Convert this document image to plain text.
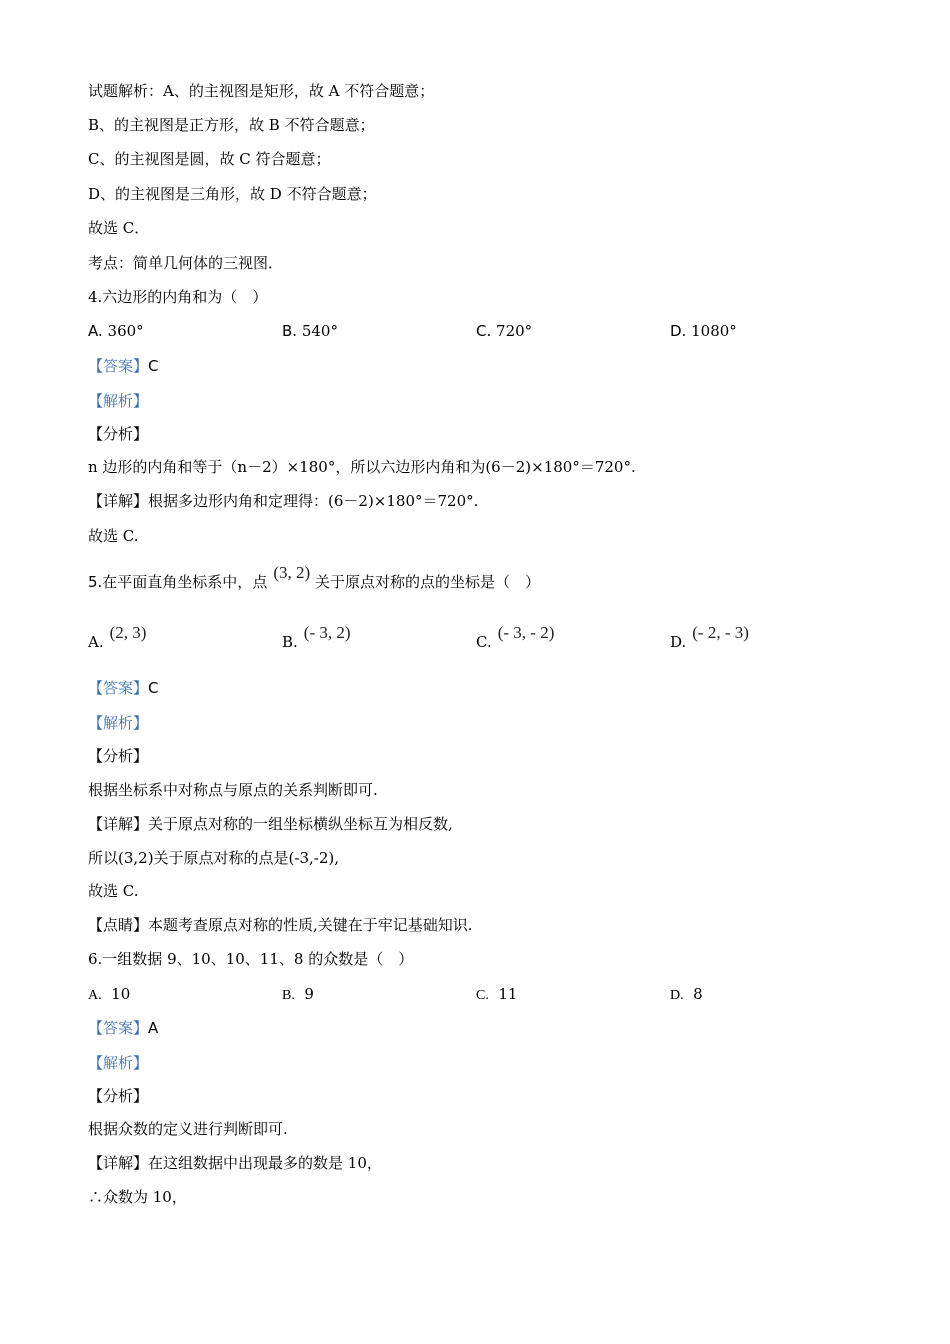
试题解析：A、的主视图是矩形，故 A 不符合题意；
B、的主视图是正方形，故 B 不符合题意；
C、的主视图是圆，故 C 符合题意；
D、的主视图是三角形，故 D 不符合题意；
故选 C．
考点：简单几何体的三视图．
4.六边形的内角和为（　）
A. 360°	B. 540°	C. 720°	D. 1080°
【答案】C
【解析】
【分析】
n 边形的内角和等于（n－2）×180°，所以六边形内角和为(6－2)×180°＝720°.
【详解】根据多边形内角和定理得：(6－2)×180°＝720°.
故选 C.
5.在平面直角坐标系中，点 (3, 2) 关于原点对称的点的坐标是（　）
A. (2, 3)	B. (- 3, 2)	C. (- 3, - 2)	D. (- 2, - 3)
【答案】C
【解析】
【分析】
根据坐标系中对称点与原点的关系判断即可.
【详解】关于原点对称的一组坐标横纵坐标互为相反数,
所以(3,2)关于原点对称的点是(-3,-2),
故选 C.
【点睛】本题考查原点对称的性质,关键在于牢记基础知识.
6.一组数据 9、10、10、11、8 的众数是（　）
A. 10	B. 9	C. 11	D. 8
【答案】A
【解析】
【分析】
根据众数的定义进行判断即可.
【详解】在这组数据中出现最多的数是 10，
∴众数为 10，
